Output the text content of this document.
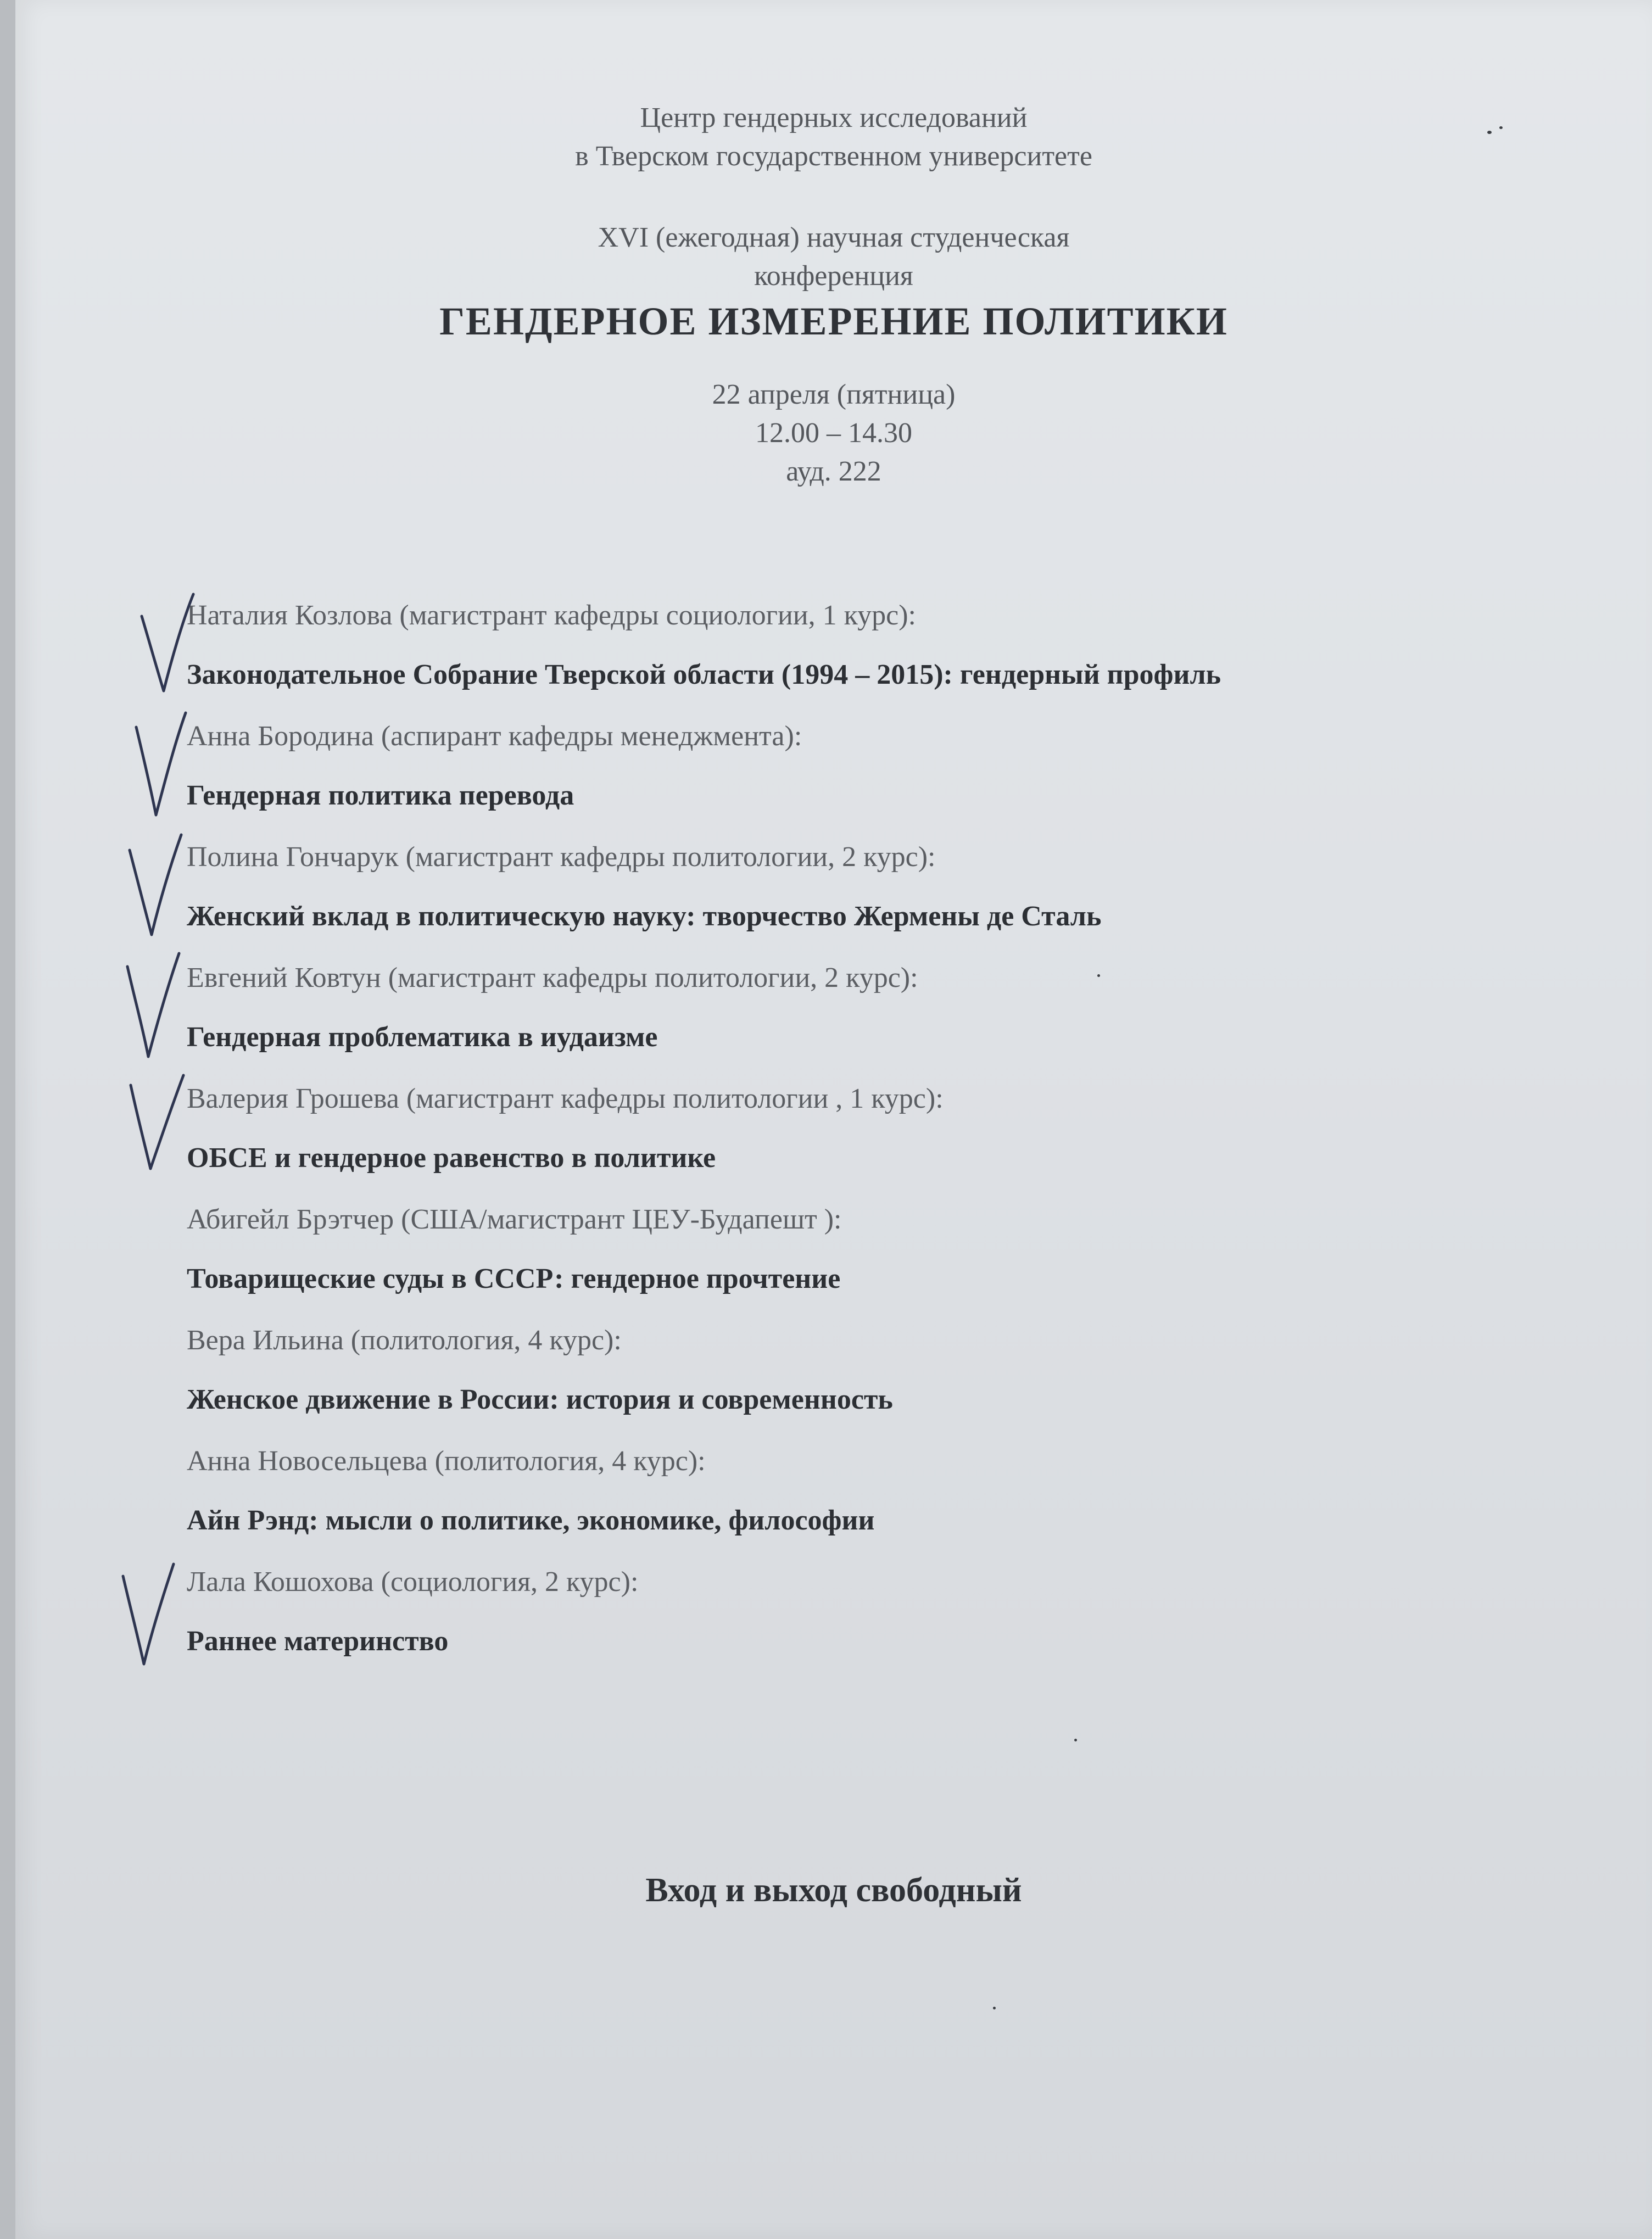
Центр гендерных исследований
в Тверском государственном университете
XVI (ежегодная) научная студенческая
конференция
ГЕНДЕРНОЕ ИЗМЕРЕНИЕ ПОЛИТИКИ
22 апреля (пятница)
12.00 – 14.30
ауд. 222
Наталия Козлова (магистрант кафедры социологии, 1 курс):
Законодательное Собрание Тверской области (1994 – 2015): гендерный профиль
Анна Бородина (аспирант кафедры менеджмента):
Гендерная политика перевода
Полина Гончарук (магистрант кафедры политологии, 2 курс):
Женский вклад в политическую науку: творчество Жермены де Сталь
Евгений Ковтун (магистрант кафедры политологии, 2 курс):
Гендерная проблематика в иудаизме
Валерия Грошева (магистрант кафедры политологии , 1 курс):
ОБСЕ и гендерное равенство в политике
Абигейл Брэтчер (США/магистрант ЦЕУ-Будапешт ):
Товарищеские суды в СССР: гендерное прочтение
Вера Ильина (политология, 4 курс):
Женское движение в России: история и современность
Анна Новосельцева (политология, 4 курс):
Айн Рэнд: мысли о политике, экономике, философии
Лала Кошохова (социология, 2 курс):
Раннее материнство
Вход и выход свободный
